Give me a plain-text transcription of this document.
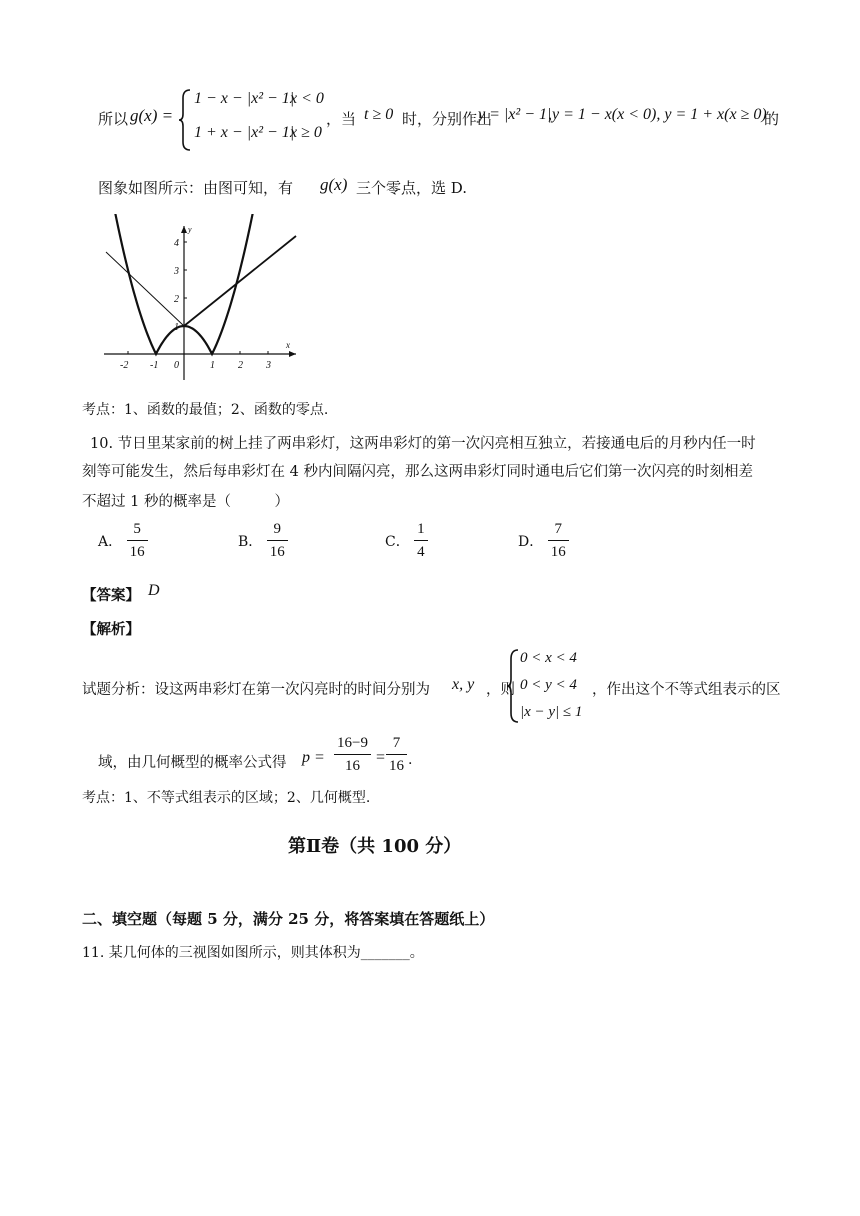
所以 g(x) =
1 − x − |x² − 1|
x < 0
1 + x − |x² − 1|
x ≥ 0
，当 t ≥ 0 时，分别作出
y = |x² − 1|
,y = 1 − x(x < 0), y = 1 + x(x ≥ 0)
的
图象如图所示：由图可知，有 g(x) 三个零点，选 D.
-2 -1 0	1 2 3
1
2
3
4
x
y
考点：1、函数的最值；2、函数的零点.
10. 节日里某家前的树上挂了两串彩灯，这两串彩灯的第一次闪亮相互独立，若接通电后的月秒内任一时
刻等可能发生，然后每串彩灯在 4 秒内间隔闪亮，那么这两串彩灯同时通电后它们第一次闪亮的时刻相差
不超过 1 秒的概率是（　　　）
A． $\frac{5}{16}$	B． $\frac{9}{16}$	C． $\frac{1}{4}$	D． $\frac{7}{16}$
【答案】 D
【解析】
试题分析：设这两串彩灯在第一次闪亮时的时间分别为 x, y ，则
0 < x < 4
0 < y < 4
|x − y| ≤ 1
，作出这个不等式组表示的区
域，由几何概型的概率公式得 $p = \frac{16-9}{16} = \frac{7}{16}$ .
考点：1、不等式组表示的区域；2、几何概型.
第Ⅱ卷（共 100 分）
二、填空题（每题 5 分，满分 25 分，将答案填在答题纸上）
11. 某几何体的三视图如图所示，则其体积为_______。
